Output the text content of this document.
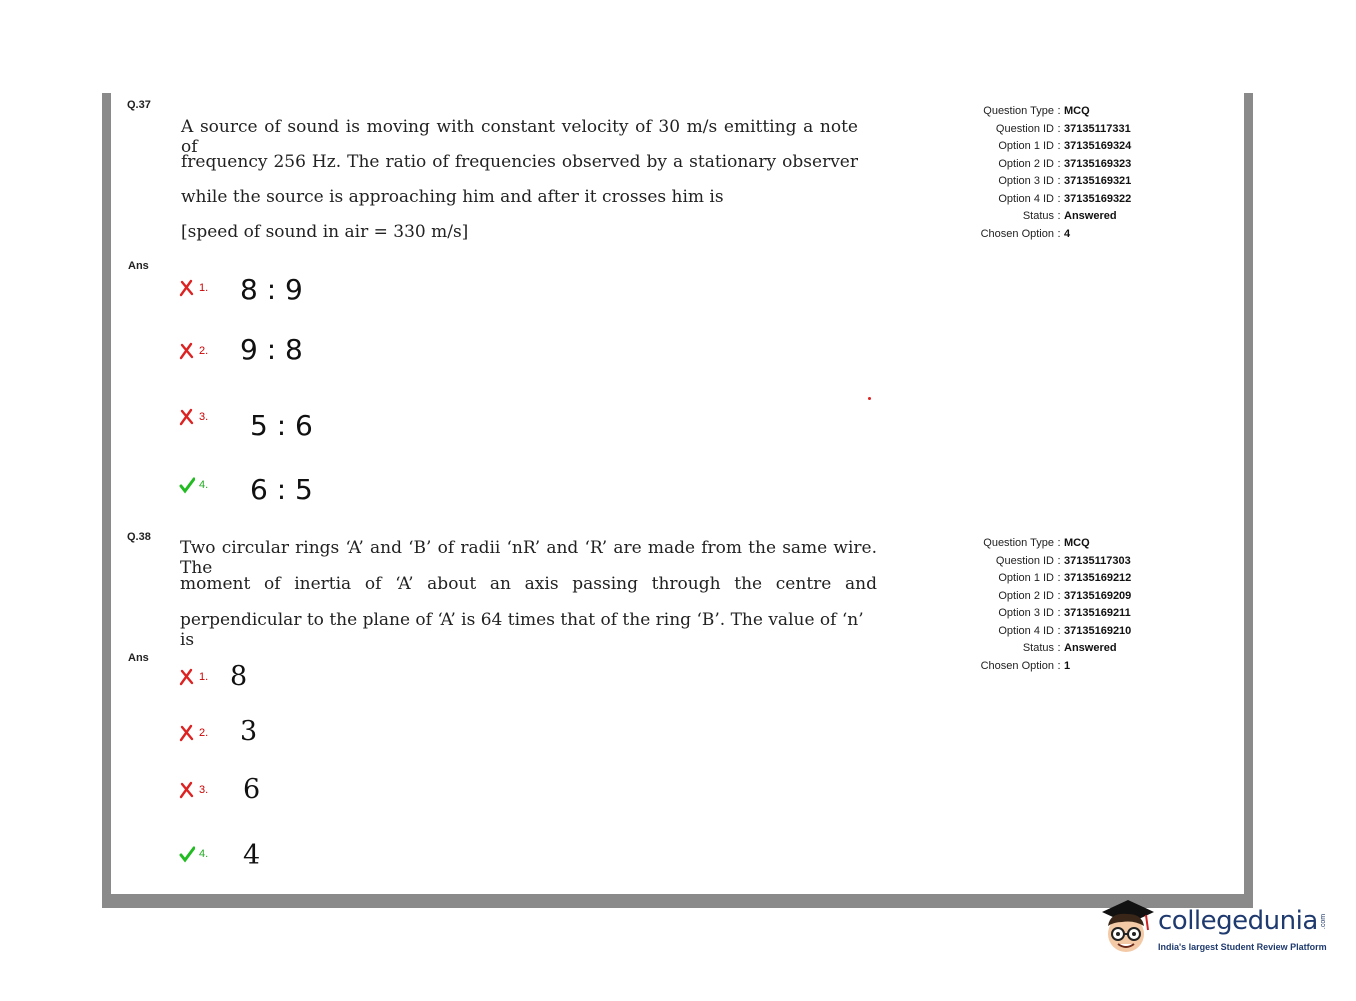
Q.37

A source of sound is moving with constant velocity of 30 m/s emitting a note of

frequency 256 Hz. The ratio of frequencies observed by a stationary observer

while the source is approaching him and after it crosses him is

[speed of sound in air = 330 m/s]

Ans
1. 8 : 9
2. 9 : 8
3. 5 : 6
4. 6 : 5
Question Type : MCQ
Question ID : 37135117331
Option 1 ID : 37135169324
Option 2 ID : 37135169323
Option 3 ID : 37135169321
Option 4 ID : 37135169322
Status : Answered
Chosen Option : 4
Q.38

Two circular rings ‘A’ and ‘B’ of radii ‘nR’ and ‘R’ are made from the same wire. The

moment of inertia of ‘A’ about an axis passing through the centre and

perpendicular to the plane of ‘A’ is 64 times that of the ring ‘B’. The value of ‘n’ is

Ans
1. 8
2. 3
3. 6
4. 4
Question Type : MCQ
Question ID : 37135117303
Option 1 ID : 37135169212
Option 2 ID : 37135169209
Option 3 ID : 37135169211
Option 4 ID : 37135169210
Status : Answered
Chosen Option : 1
collegedunia .com
India's largest Student Review Platform
